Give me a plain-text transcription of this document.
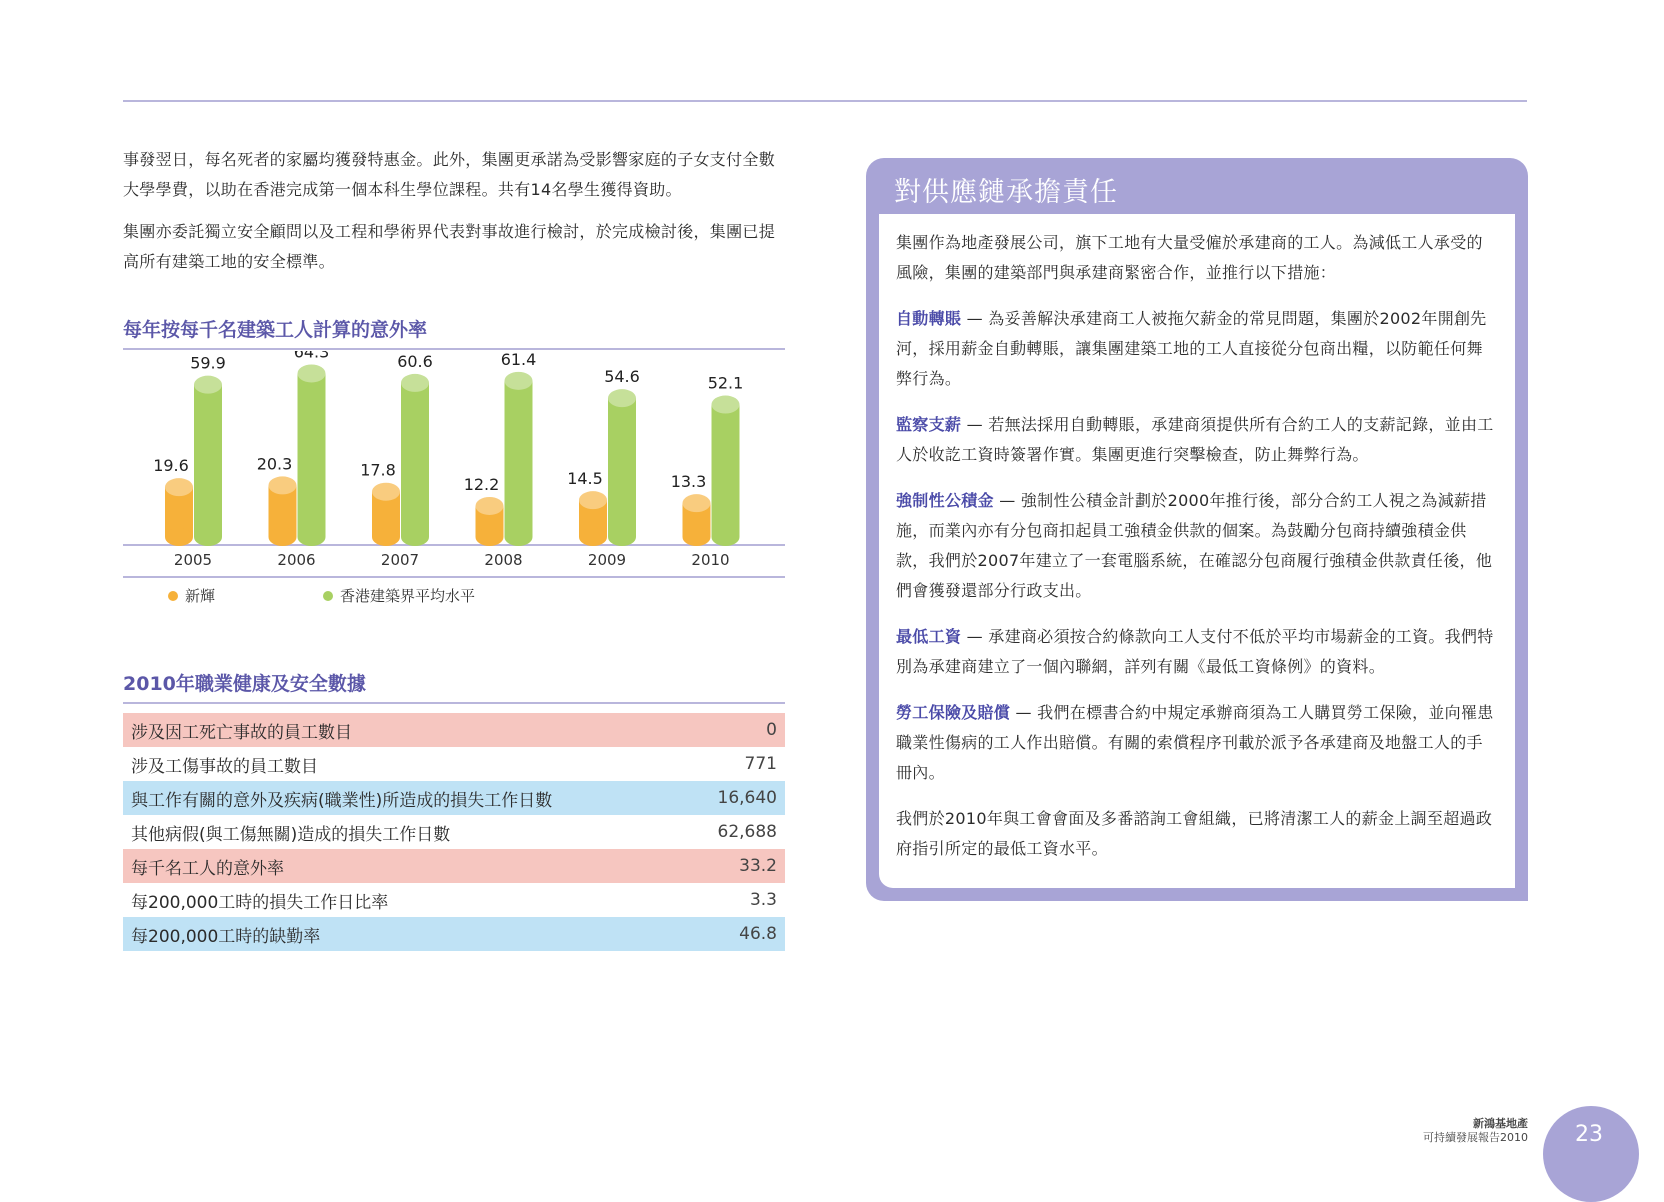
事發翌日，每名死者的家屬均獲發特惠金。此外，集團更承諾為受影響家庭的子女支付全數大學學費，以助在香港完成第一個本科生學位課程。共有14名學生獲得資助。

集團亦委託獨立安全顧問以及工程和學術界代表對事故進行檢討，於完成檢討後，集團已提高所有建築工地的安全標準。

每年按每千名建築工人計算的意外率
19.6
59.9
2005
20.3
64.3
2006
17.8
60.6
2007
12.2
61.4
2008
14.5
54.6
2009
13.3
52.1
2010
新輝	香港建築界平均水平
2010年職業健康及安全數據
涉及因工死亡事故的員工數目	0
涉及工傷事故的員工數目	771
與工作有關的意外及疾病(職業性)所造成的損失工作日數	16,640
其他病假(與工傷無關)造成的損失工作日數	62,688
每千名工人的意外率	33.2
每200,000工時的損失工作日比率	3.3
每200,000工時的缺勤率	46.8
對供應鏈承擔責任

集團作為地產發展公司，旗下工地有大量受僱於承建商的工人。為減低工人承受的風險，集團的建築部門與承建商緊密合作，並推行以下措施：

自動轉賬 — 為妥善解決承建商工人被拖欠薪金的常見問題，集團於2002年開創先河，採用薪金自動轉賬，讓集團建築工地的工人直接從分包商出糧，以防範任何舞弊行為。

監察支薪 — 若無法採用自動轉賬，承建商須提供所有合約工人的支薪記錄，並由工人於收訖工資時簽署作實。集團更進行突擊檢查，防止舞弊行為。

強制性公積金 — 強制性公積金計劃於2000年推行後，部分合約工人視之為減薪措施，而業內亦有分包商扣起員工強積金供款的個案。為鼓勵分包商持續強積金供款，我們於2007年建立了一套電腦系統，在確認分包商履行強積金供款責任後，他們會獲發還部分行政支出。

最低工資 — 承建商必須按合約條款向工人支付不低於平均市場薪金的工資。我們特別為承建商建立了一個內聯網，詳列有關《最低工資條例》的資料。

勞工保險及賠償 — 我們在標書合約中規定承辦商須為工人購買勞工保險，並向罹患職業性傷病的工人作出賠償。有關的索償程序刊載於派予各承建商及地盤工人的手冊內。

我們於2010年與工會會面及多番諮詢工會組織，已將清潔工人的薪金上調至超過政府指引所定的最低工資水平。

新鴻基地產
可持續發展報告2010	23
